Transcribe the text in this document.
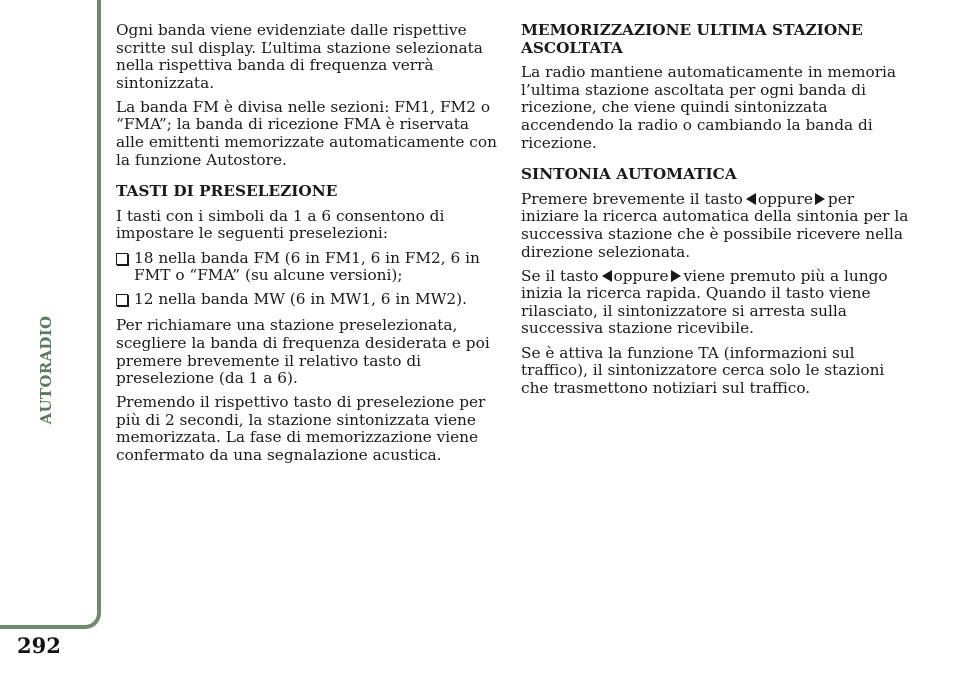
AUTORADIO
292

Ogni banda viene evidenziate dalle rispettive scritte sul display. L’ultima stazione selezionata nella rispettiva banda di frequenza verrà sintonizzata.

La banda FM è divisa nelle sezioni: FM1, FM2 o “FMA”; la banda di ricezione FMA è riservata alle emittenti memorizzate automaticamente con la funzione Autostore.

TASTI DI PRESELEZIONE

I tasti con i simboli da 1 a 6 consentono di impostare le seguenti preselezioni:

18 nella banda FM (6 in FM1, 6 in FM2, 6 in FMT o “FMA” (su alcune versioni);
12 nella banda MW (6 in MW1, 6 in MW2).

Per richiamare una stazione preselezionata, scegliere la banda di frequenza desiderata e poi premere brevemente il relativo tasto di preselezione (da 1 a 6).

Premendo il rispettivo tasto di preselezione per più di 2 secondi, la stazione sintonizzata viene memorizzata. La fase di memorizzazione viene confermato da una segnalazione acustica.

MEMORIZZAZIONE ULTIMA STAZIONE ASCOLTATA

La radio mantiene automaticamente in memoria l’ultima stazione ascoltata per ogni banda di ricezione, che viene quindi sintonizzata accendendo la radio o cambiando la banda di ricezione.

SINTONIA AUTOMATICA

Premere brevemente il tasto oppure per iniziare la ricerca automatica della sintonia per la successiva stazione che è possibile ricevere nella direzione selezionata.

Se il tasto oppure viene premuto più a lungo inizia la ricerca rapida. Quando il tasto viene rilasciato, il sintonizzatore si arresta sulla successiva stazione ricevibile.

Se è attiva la funzione TA (informazioni sul traffico), il sintonizzatore cerca solo le stazioni che trasmettono notiziari sul traffico.
